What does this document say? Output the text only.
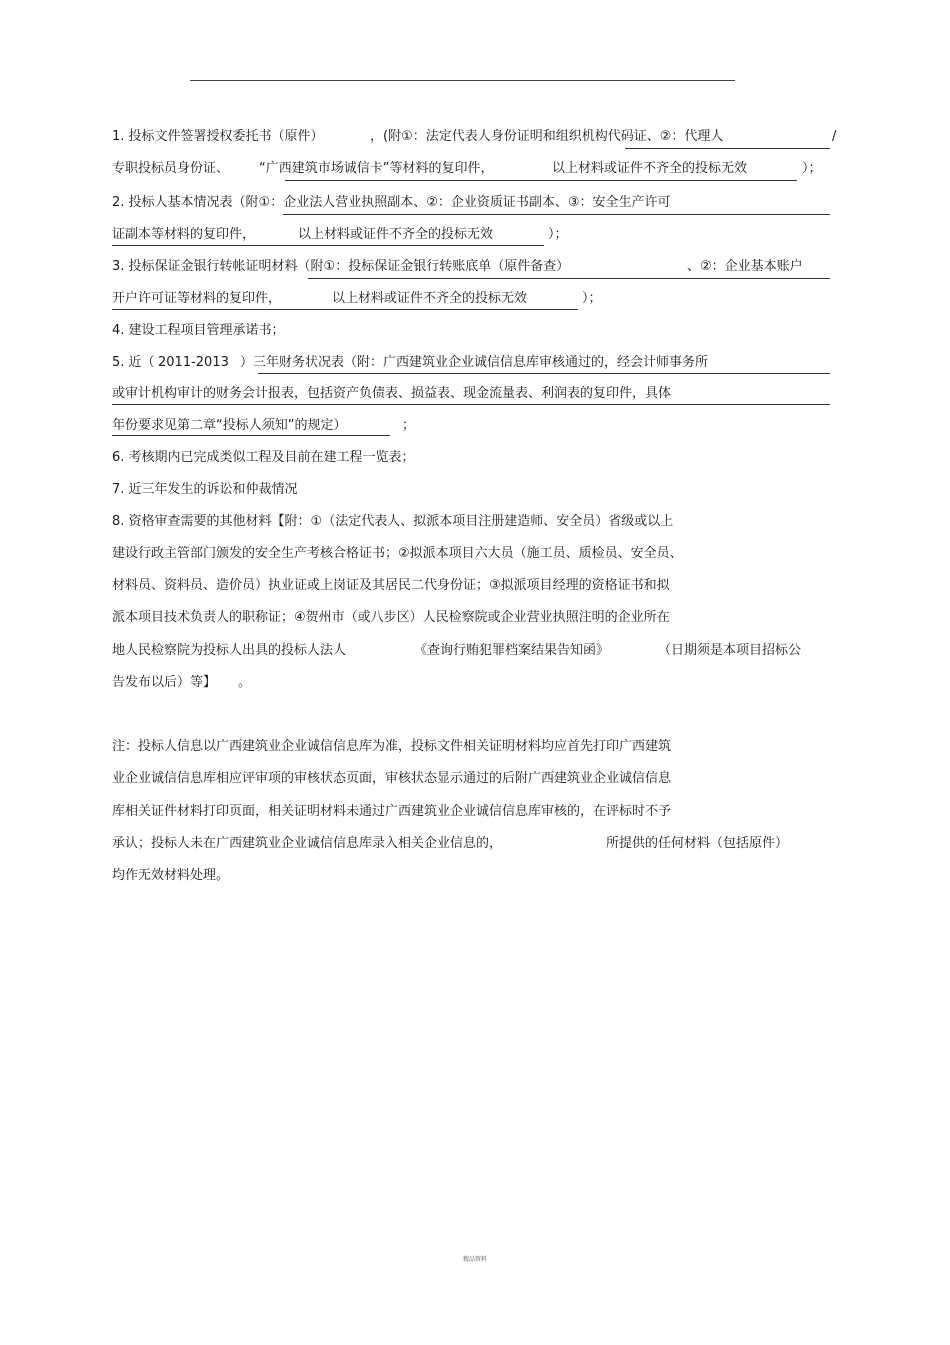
1. 投标文件签署授权委托书（原件）	，(附①：法定代表人身份证明和组织机构代码证、②：代理人	/
专职投标员身份证、 “广西建筑市场诚信卡”等材料的复印件，	以上材料或证件不齐全的投标无效	）；
2. 投标人基本情况表（附①：企业法人营业执照副本、②：企业资质证书副本、③：安全生产许可
证副本等材料的复印件，	以上材料或证件不齐全的投标无效	）；
3. 投标保证金银行转帐证明材料（附①：投标保证金银行转账底单（原件备查）	、②：企业基本账户
开户许可证等材料的复印件，	以上材料或证件不齐全的投标无效	）；
4. 建设工程项目管理承诺书；
5. 近（ 2011-2013 ）三年财务状况表（附：广西建筑业企业诚信信息库审核通过的，经会计师事务所
或审计机构审计的财务会计报表，包括资产负债表、损益表、现金流量表、利润表的复印件，具体
年份要求见第二章“投标人须知”的规定）	；
6. 考核期内已完成类似工程及目前在建工程一览表；
7. 近三年发生的诉讼和仲裁情况
8. 资格审查需要的其他材料【附：①（法定代表人、拟派本项目注册建造师、安全员）省级或以上
建设行政主管部门颁发的安全生产考核合格证书；②拟派本项目六大员（施工员、质检员、安全员、
材料员、资料员、造价员）执业证或上岗证及其居民二代身份证；③拟派项目经理的资格证书和拟
派本项目技术负责人的职称证；④贺州市（或八步区）人民检察院或企业营业执照注明的企业所在
地人民检察院为投标人出具的投标人法人	《查询行贿犯罪档案结果告知函》	（日期须是本项目招标公
告发布以后）等】 。
注：投标人信息以广西建筑业企业诚信信息库为准，投标文件相关证明材料均应首先打印广西建筑
业企业诚信信息库相应评审项的审核状态页面，审核状态显示通过的后附广西建筑业企业诚信信息
库相关证件材料打印页面，相关证明材料未通过广西建筑业企业诚信信息库审核的，在评标时不予
承认；投标人未在广西建筑业企业诚信信息库录入相关企业信息的，	所提供的任何材料（包括原件）
均作无效材料处理。
精品资料
